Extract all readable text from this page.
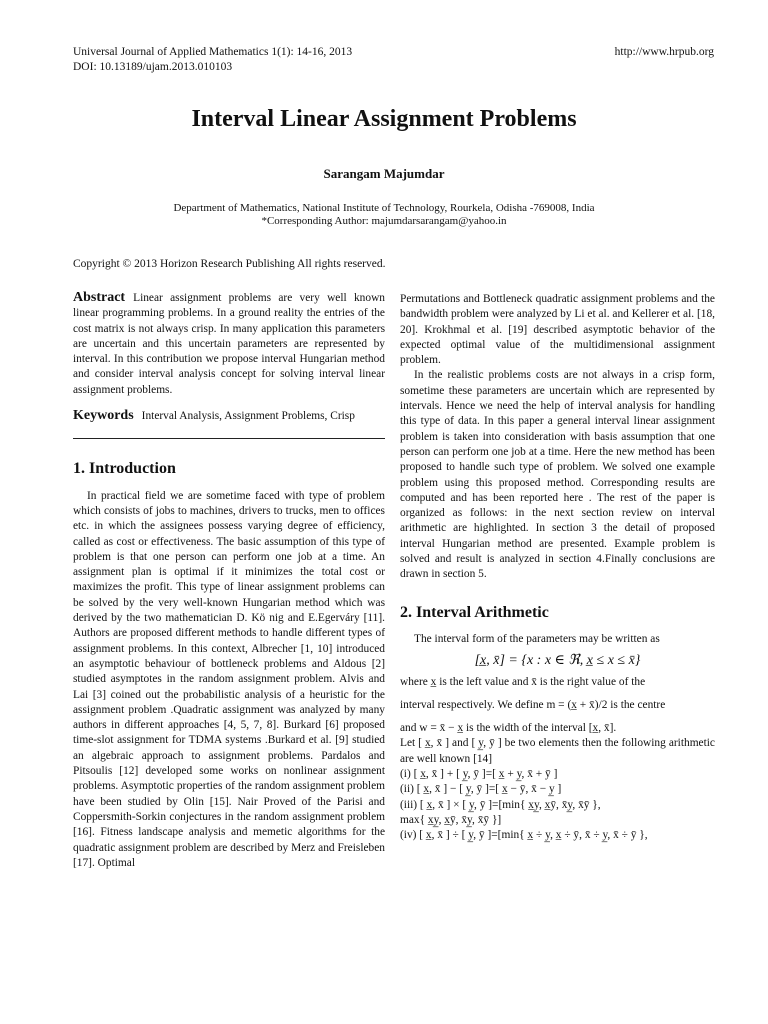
Universal Journal of Applied Mathematics 1(1): 14-16, 2013
DOI: 10.13189/ujam.2013.010103
http://www.hrpub.org
Interval Linear Assignment Problems
Sarangam Majumdar
Department of Mathematics, National Institute of Technology, Rourkela, Odisha -769008, India
*Corresponding Author: majumdarsarangam@yahoo.in
Copyright © 2013 Horizon Research Publishing All rights reserved.

Abstract Linear assignment problems are very well known linear programming problems. In a ground reality the entries of the cost matrix is not always crisp. In many application this parameters are uncertain and this uncertain parameters are represented by interval. In this contribution we propose interval Hungarian method and consider interval analysis concept for solving interval linear assignment problems.

Keywords Interval Analysis, Assignment Problems, Crisp

1. Introduction

In practical field we are sometime faced with type of problem which consists of jobs to machines, drivers to trucks, men to offices etc. in which the assignees possess varying degree of efficiency, called as cost or effectiveness. The basic assumption of this type of problem is that one person can perform one job at a time. An assignment plan is optimal if it minimizes the total cost or maximizes the profit. This type of linear assignment problems can be solved by the very well-known Hungarian method which was derived by the two mathematician D. Kö nig and E.Egerváry [11]. Authors are proposed different methods to handle different types of assignment problems. In this context, Albrecher [1, 10] introduced an asymptotic behaviour of bottleneck problems and Aldous [2] studied asymptotes in the random assignment problem. Alvis and Lai [3] coined out the probabilistic analysis of a heuristic for the assignment problem .Quadratic assignment was analyzed by many authors in different approaches [4, 5, 7, 8]. Burkard [6] proposed time-slot assignment for TDMA systems .Burkard et al. [9] studied an algebraic approach to assignment problems. Pardalos and Pitsoulis [12] developed some works on nonlinear assignment problems. Asymptotic properties of the random assignment problem have been studied by Olin [15]. Nair Proved of the Parisi and Coppersmith-Sorkin conjectures in the random assignment problem [16]. Fitness landscape analysis and memetic algorithms for the quadratic assignment problem are described by Merz and Freisleben [17]. Optimal

Permutations and Bottleneck quadratic assignment problems and the bandwidth problem were analyzed by Li et al. and Kellerer et al. [18, 20]. Krokhmal et al. [19] described asymptotic behavior of the expected optimal value of the multidimensional assignment problem.

In the realistic problems costs are not always in a crisp form, sometime these parameters are uncertain which are represented by intervals. Hence we need the help of interval analysis for handling this type of data. In this paper a general interval linear assignment problem is taken into consideration with basis assumption that one person can perform one job at a time. Here the new method has been proposed to handle such type of problem. We solved one example problem using this proposed method. Corresponding results are computed and has been reported here . The rest of the paper is organized as follows: in the next section review on interval arithmetic are highlighted. In section 3 the detail of proposed interval Hungarian method are presented. Example problem is solved and result is analyzed in section 4.Finally conclusions are drawn in section 5.

2. Interval Arithmetic

The interval form of the parameters may be written as

[x̲, x̄] = {x : x ∈ ℜ, x̲ ≤ x ≤ x̄}

where x̲ is the left value and x̄ is the right value of the

interval respectively. We define m = (x̲ + x̄)/2 is the centre

and w = x̄ − x̲ is the width of the interval [x̲, x̄].

Let [ x̲, x̄ ] and [ y̲, ȳ ] be two elements then the following arithmetic are well known [14]

(i) [ x̲, x̄ ] + [ y̲, ȳ ]=[ x̲ + y̲, x̄ + ȳ ]

(ii) [ x̲, x̄ ] − [ y̲, ȳ ]=[ x̲ − ȳ, x̄ − y̲ ]

(iii) [ x̲, x̄ ] × [ y̲, ȳ ]=[min{ x̲y̲, x̲ȳ, x̄y̲, x̄ȳ },

max{ x̲y̲, x̲ȳ, x̄y̲, x̄ȳ }]

(iv) [ x̲, x̄ ] ÷ [ y̲, ȳ ]=[min{ x̲ ÷ y̲, x̲ ÷ ȳ, x̄ ÷ y̲, x̄ ÷ ȳ },
